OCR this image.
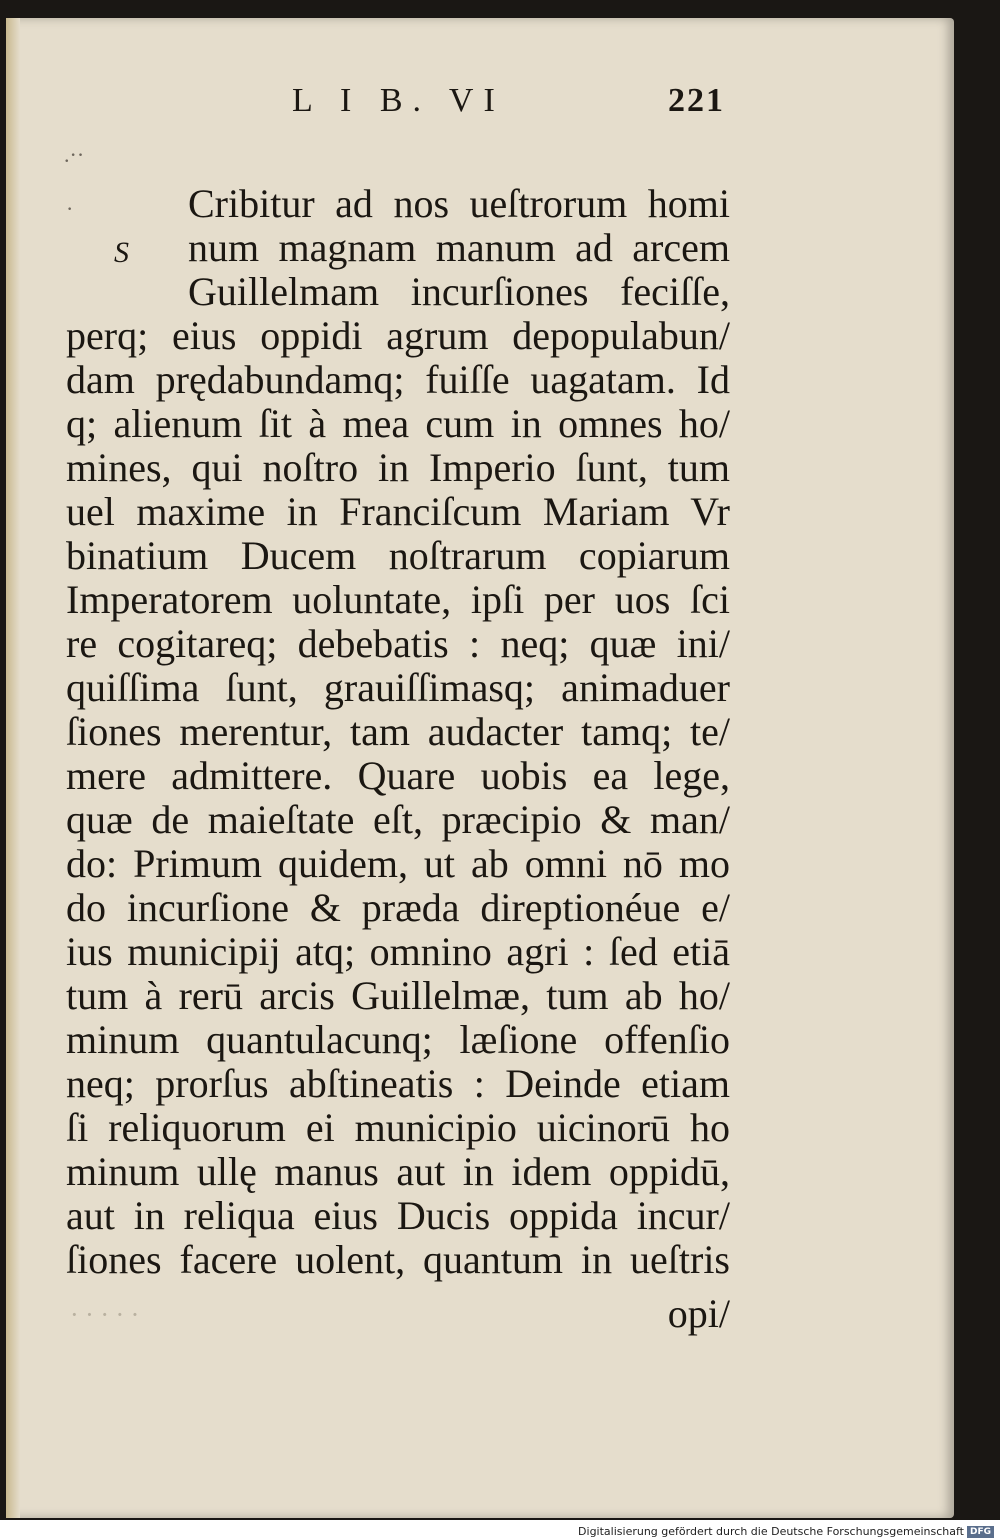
L I B. VI	221
.··
·
S
Cribitur ad nos ueſtrorum homi
num magnam manum ad arcem
Guillelmam incurſiones feciſſe,
perq; eius oppidi agrum depopulabun/
dam prędabundamq; fuiſſe uagatam. Id
q; alienum ſit à mea cum in omnes ho/
mines, qui noſtro in Imperio ſunt, tum
uel maxime in Franciſcum Mariam Vr
binatium Ducem noſtrarum copiarum
Imperatorem uoluntate, ipſi per uos ſci
re cogitareq; debebatis : neq; quæ ini/
quiſſima ſunt, grauiſſimasq; animaduer
ſiones merentur, tam audacter tamq; te/
mere admittere. Quare uobis ea lege,
quæ de maieſtate eſt, præcipio & man/
do: Primum quidem, ut ab omni nō mo
do incurſione & præda direptionéue e/
ius municipij atq; omnino agri : ſed etiā
tum à rerū arcis Guillelmæ, tum ab ho/
minum quantulacunq; læſione offenſio
neq; prorſus abſtineatis : Deinde etiam
ſi reliquorum ei municipio uicinorū ho
minum ullę manus aut in idem oppidū,
aut in reliqua eius Ducis oppida incur/
ſiones facere uolent, quantum in ueſtris
opi/
· · · · ·
Digitalisierung gefördert durch die Deutsche Forschungsgemeinschaft DFG
